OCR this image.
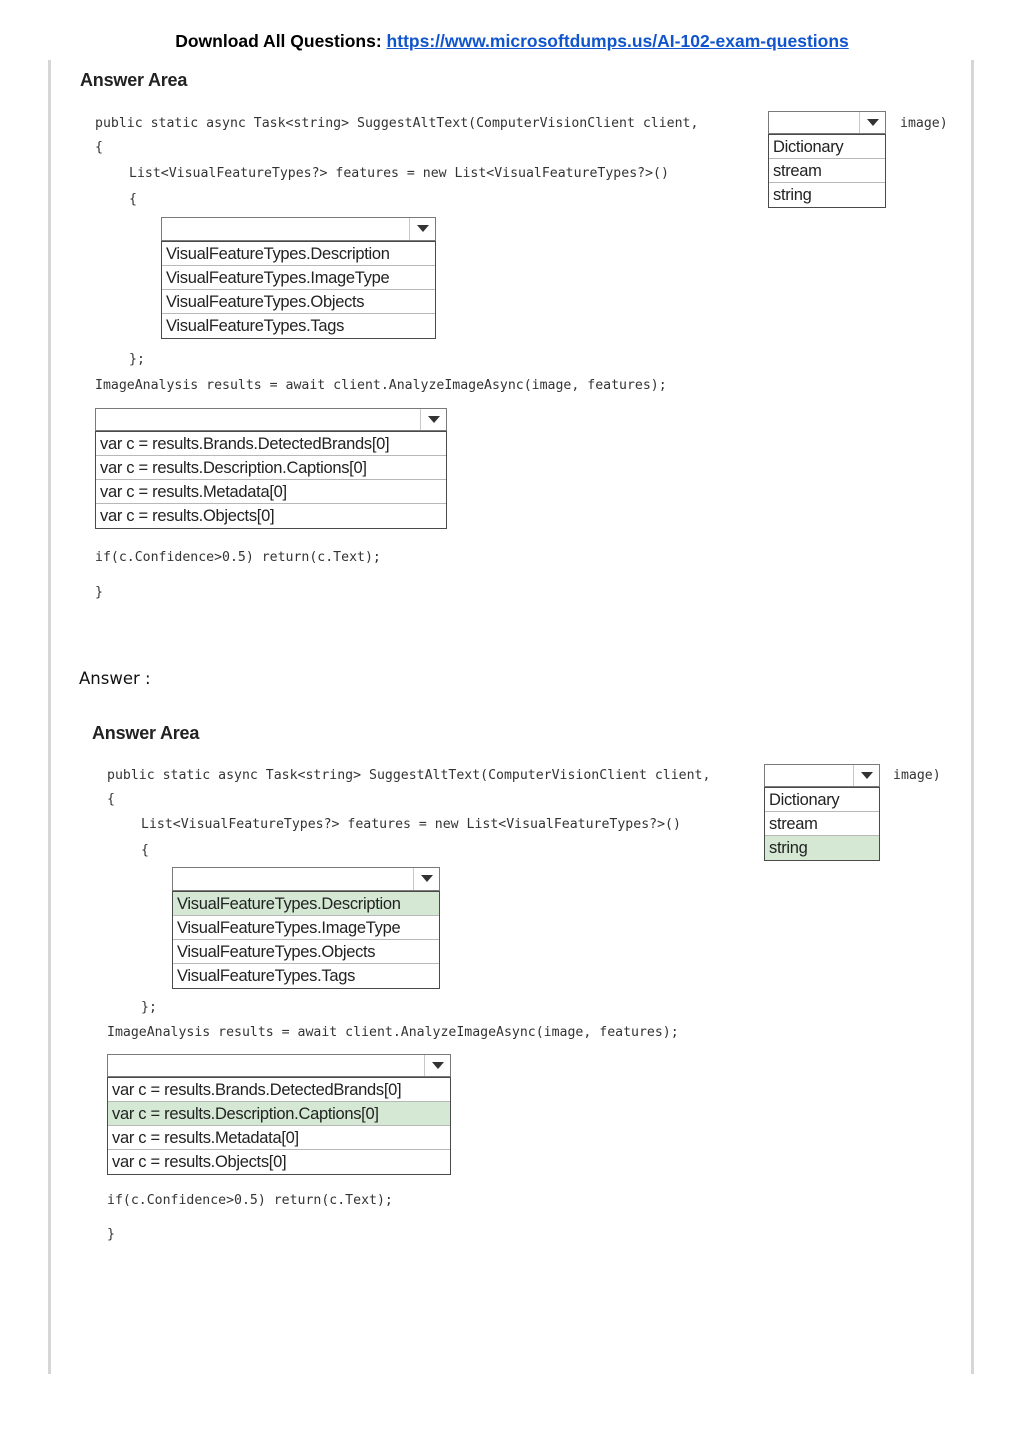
Download All Questions: https://www.microsoftdumps.us/AI-102-exam-questions
Answer Area
public static async Task<string> SuggestAltText(ComputerVisionClient client,	image)
{
List<VisualFeatureTypes?> features = new List<VisualFeatureTypes?>()
{
};
ImageAnalysis results = await client.AnalyzeImageAsync(image, features);
if(c.Confidence>0.5) return(c.Text);
}
Dictionary
stream
string
VisualFeatureTypes.Description
VisualFeatureTypes.ImageType
VisualFeatureTypes.Objects
VisualFeatureTypes.Tags
var c = results.Brands.DetectedBrands[0]
var c = results.Description.Captions[0]
var c = results.Metadata[0]
var c = results.Objects[0]
Answer :
Answer Area
public static async Task<string> SuggestAltText(ComputerVisionClient client,	image)
{
List<VisualFeatureTypes?> features = new List<VisualFeatureTypes?>()
{
};
ImageAnalysis results = await client.AnalyzeImageAsync(image, features);
if(c.Confidence>0.5) return(c.Text);
}
Dictionary
stream
string
VisualFeatureTypes.Description
VisualFeatureTypes.ImageType
VisualFeatureTypes.Objects
VisualFeatureTypes.Tags
var c = results.Brands.DetectedBrands[0]
var c = results.Description.Captions[0]
var c = results.Metadata[0]
var c = results.Objects[0]
